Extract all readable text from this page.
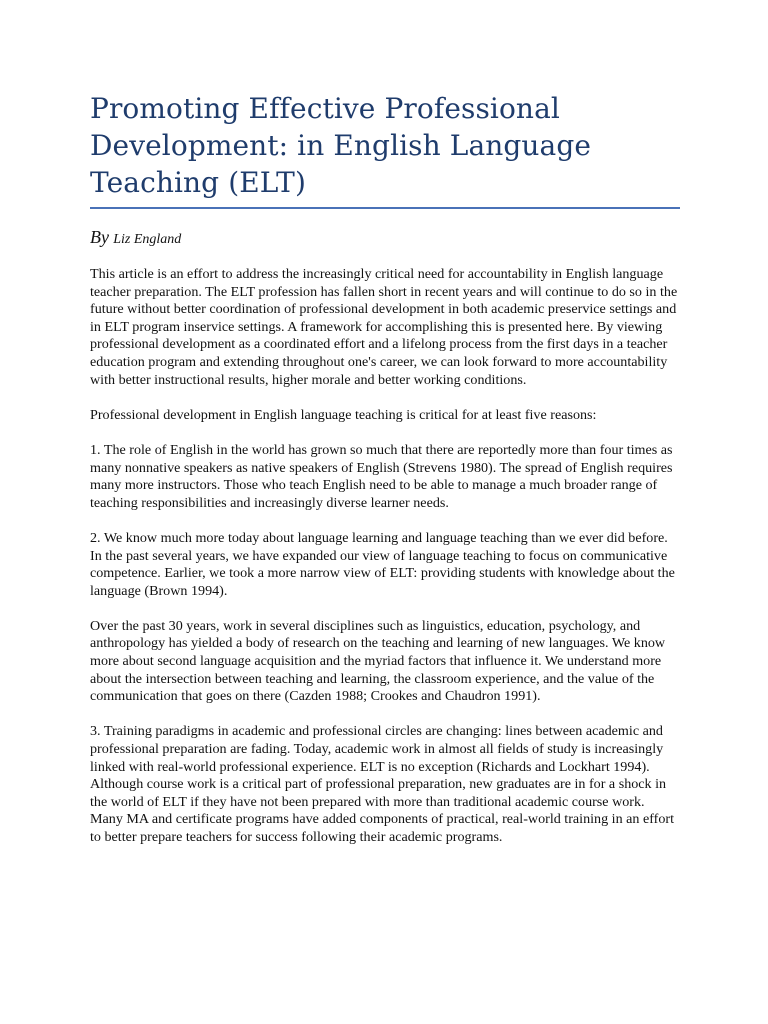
Promoting Effective Professional Development: in English Language Teaching (ELT)
By Liz England

This article is an effort to address the increasingly critical need for accountability in English language teacher preparation. The ELT profession has fallen short in recent years and will continue to do so in the future without better coordination of professional development in both academic preservice settings and in ELT program inservice settings. A framework for accomplishing this is presented here. By viewing professional development as a coordinated effort and a lifelong process from the first days in a teacher education program and extending throughout one's career, we can look forward to more accountability with better instructional results, higher morale and better working conditions.

Professional development in English language teaching is critical for at least five reasons:

1. The role of English in the world has grown so much that there are reportedly more than four times as many nonnative speakers as native speakers of English (Strevens 1980). The spread of English requires many more instructors. Those who teach English need to be able to manage a much broader range of teaching responsibilities and increasingly diverse learner needs.

2. We know much more today about language learning and language teaching than we ever did before. In the past several years, we have expanded our view of language teaching to focus on communicative competence. Earlier, we took a more narrow view of ELT: providing students with knowledge about the language (Brown 1994).

Over the past 30 years, work in several disciplines such as linguistics, education, psychology, and anthropology has yielded a body of research on the teaching and learning of new languages. We know more about second language acquisition and the myriad factors that influence it. We understand more about the intersection between teaching and learning, the classroom experience, and the value of the communication that goes on there (Cazden 1988; Crookes and Chaudron 1991).

3. Training paradigms in academic and professional circles are changing: lines between academic and professional preparation are fading. Today, academic work in almost all fields of study is increasingly linked with real-world professional experience. ELT is no exception (Richards and Lockhart 1994). Although course work is a critical part of professional preparation, new graduates are in for a shock in the world of ELT if they have not been prepared with more than traditional academic course work. Many MA and certificate programs have added components of practical, real-world training in an effort to better prepare teachers for success following their academic programs.
